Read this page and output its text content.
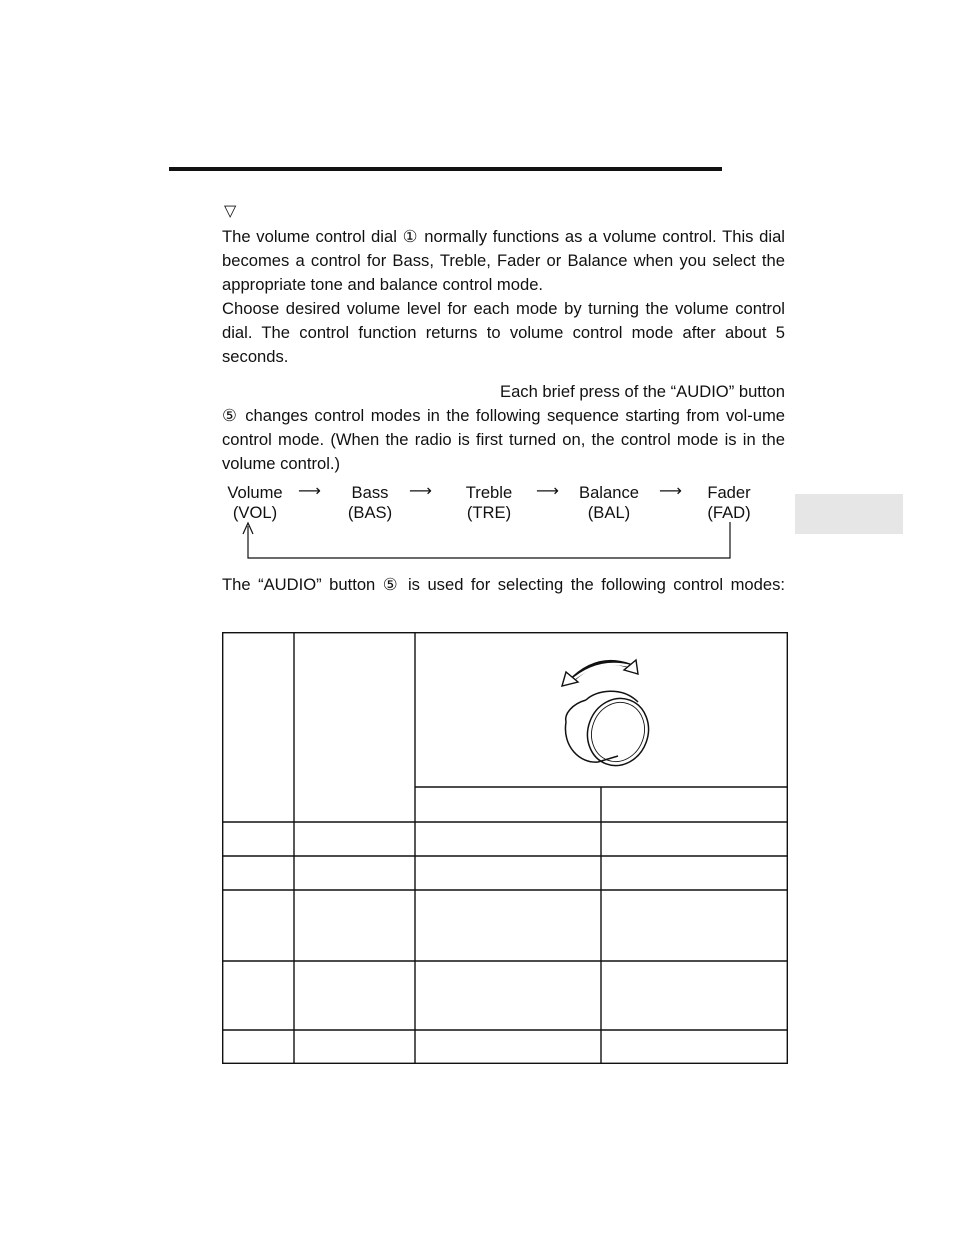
▽

The volume control dial ① normally functions as a volume control. This dial becomes a control for Bass, Treble, Fader or Balance when you select the appropriate tone and balance control mode.

Choose desired volume level for each mode by turning the volume control dial. The control function returns to volume control mode after about 5 seconds.

Each brief press of the “AUDIO” button

⑤ changes control modes in the following sequence starting from vol-ume control mode. (When the radio is first turned on, the control mode is in the volume control.)

Volume
(VOL)
⟶	Bass
(BAS)
⟶	Treble
(TRE)
⟶	Balance
(BAL)
⟶	Fader
(FAD)

The “AUDIO” button ⑤ is used for selecting the following control modes:
